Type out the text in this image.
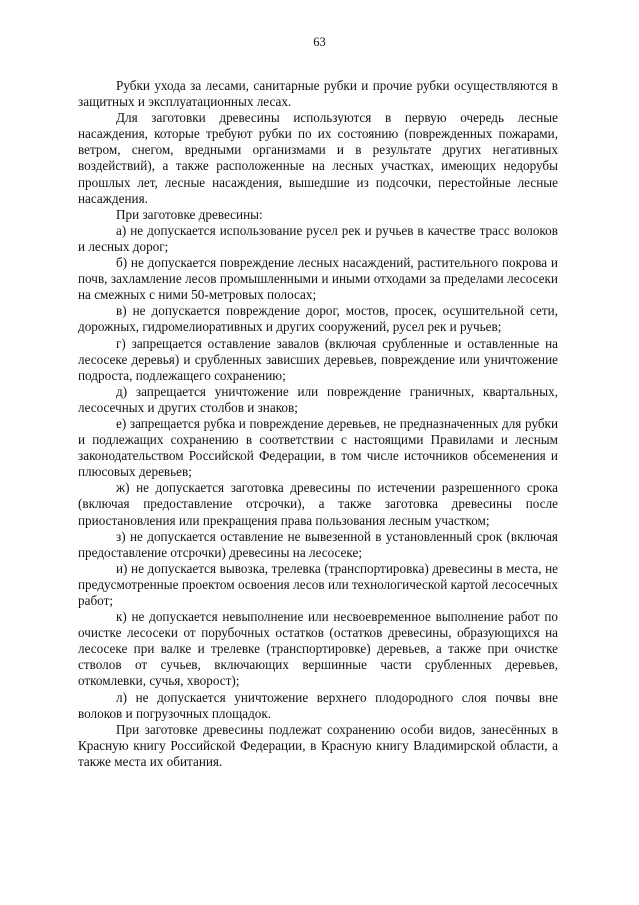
63

Рубки ухода за лесами, санитарные рубки и прочие рубки осуществляются в защитных и эксплуатационных лесах.

Для заготовки древесины используются в первую очередь лесные насаждения, которые требуют рубки по их состоянию (поврежденных пожарами, ветром, снегом, вредными организмами и в результате других негативных воздействий), а также расположенные на лесных участках, имеющих недорубы прошлых лет, лесные насаждения, вышедшие из подсочки, перестойные лесные насаждения.

При заготовке древесины:

а) не допускается использование русел рек и ручьев в качестве трасс волоков и лесных дорог;

б) не допускается повреждение лесных насаждений, растительного покрова и почв, захламление лесов промышленными и иными отходами за пределами лесосеки на смежных с ними 50-метровых полосах;

в) не допускается повреждение дорог, мостов, просек, осушительной сети, дорожных, гидромелиоративных и других сооружений, русел рек и ручьев;

г) запрещается оставление завалов (включая срубленные и оставленные на лесосеке деревья) и срубленных зависших деревьев, повреждение или уничтожение подроста, подлежащего сохранению;

д) запрещается уничтожение или повреждение граничных, квартальных, лесосечных и других столбов и знаков;

е) запрещается рубка и повреждение деревьев, не предназначенных для рубки и подлежащих сохранению в соответствии с настоящими Правилами и лесным законодательством Российской Федерации, в том числе источников обсеменения и плюсовых деревьев;

ж) не допускается заготовка древесины по истечении разрешенного срока (включая предоставление отсрочки), а также заготовка древесины после приостановления или прекращения права пользования лесным участком;

з) не допускается оставление не вывезенной в установленный срок (включая предоставление отсрочки) древесины на лесосеке;

и) не допускается вывозка, трелевка (транспортировка) древесины в места, не предусмотренные проектом освоения лесов или технологической картой лесосечных работ;

к) не допускается невыполнение или несвоевременное выполнение работ по очистке лесосеки от порубочных остатков (остатков древесины, образующихся на лесосеке при валке и трелевке (транспортировке) деревьев, а также при очистке стволов от сучьев, включающих вершинные части срубленных деревьев, откомлевки, сучья, хворост);

л) не допускается уничтожение верхнего плодородного слоя почвы вне волоков и погрузочных площадок.

При заготовке древесины подлежат сохранению особи видов, занесённых в Красную книгу Российской Федерации, в Красную книгу Владимирской области, а также места их обитания.
